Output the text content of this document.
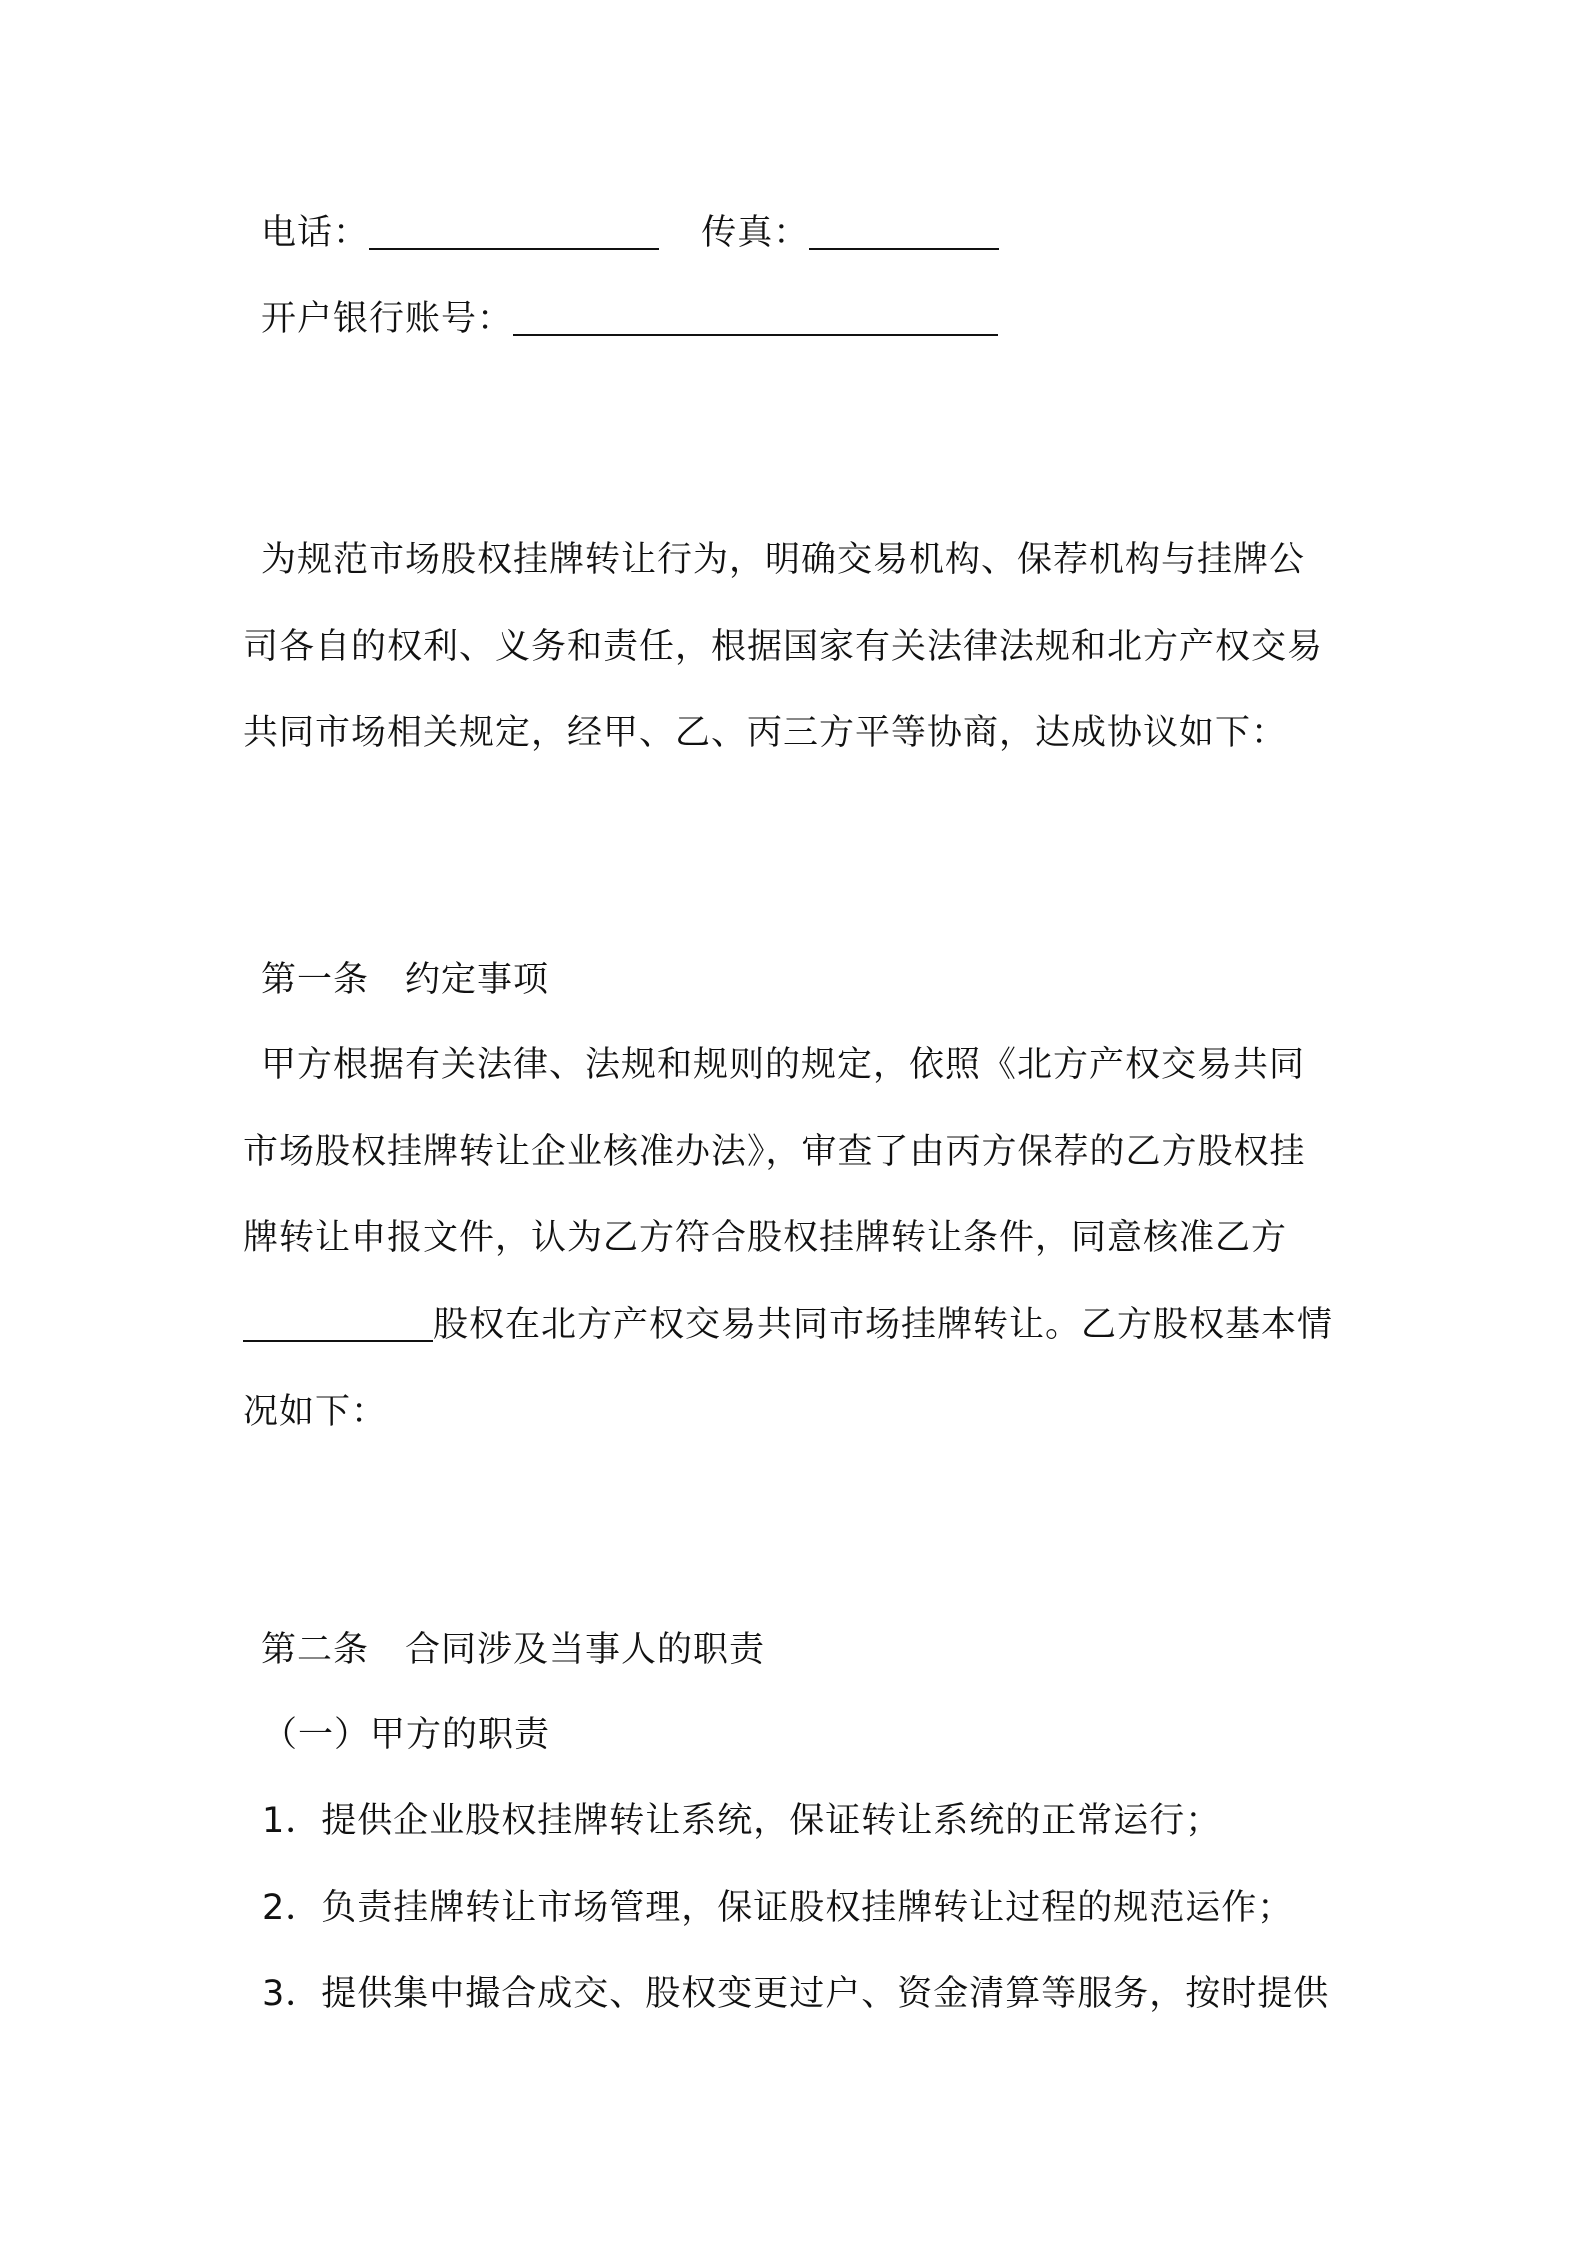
电话：	传真：
开户银行账号：
为规范市场股权挂牌转让行为，明确交易机构、保荐机构与挂牌公
司各自的权利、义务和责任，根据国家有关法律法规和北方产权交易
共同市场相关规定，经甲、乙、丙三方平等协商，达成协议如下：
第一条　约定事项
甲方根据有关法律、法规和规则的规定，依照《北方产权交易共同
市场股权挂牌转让企业核准办法》，审查了由丙方保荐的乙方股权挂
牌转让申报文件，认为乙方符合股权挂牌转让条件，同意核准乙方
股权在北方产权交易共同市场挂牌转让。乙方股权基本情
况如下：
第二条　合同涉及当事人的职责
（一）甲方的职责
1．提供企业股权挂牌转让系统，保证转让系统的正常运行；
2．负责挂牌转让市场管理，保证股权挂牌转让过程的规范运作；
3．提供集中撮合成交、股权变更过户、资金清算等服务，按时提供
